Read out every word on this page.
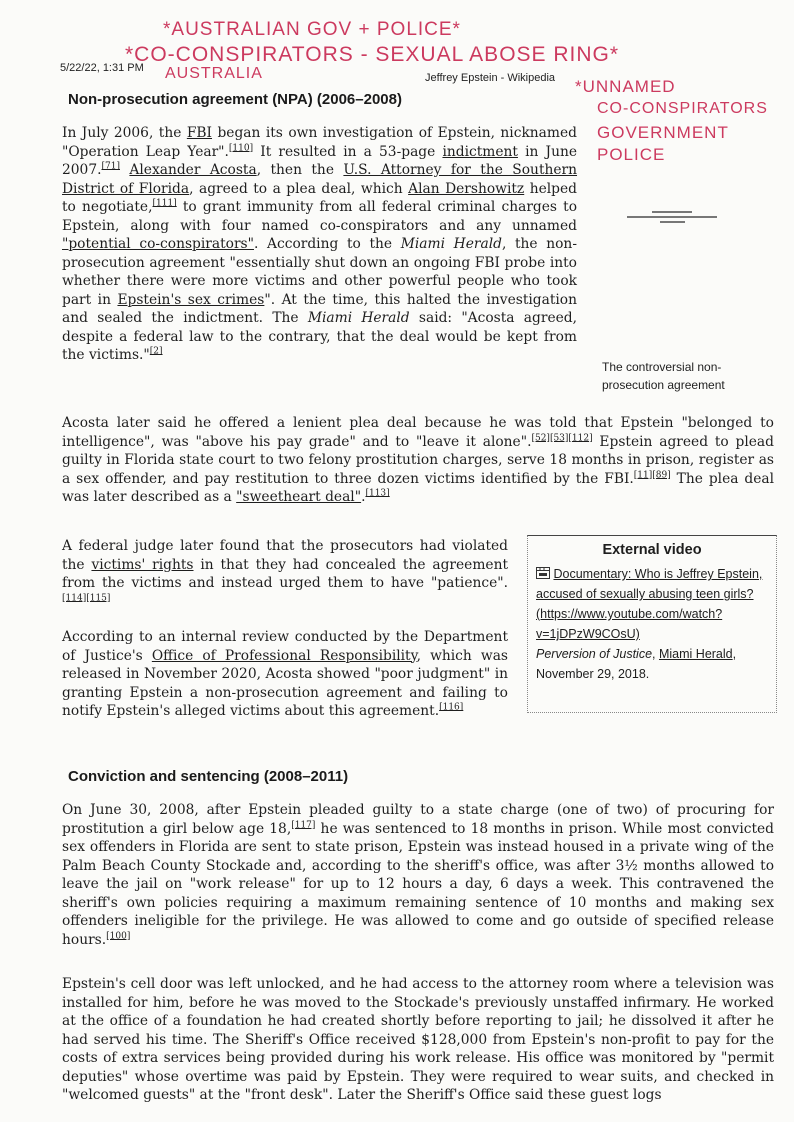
5/22/22, 1:31 PM
Jeffrey Epstein - Wikipedia
*AUSTRALIAN GOV + POLICE*
*CO-CONSPIRATORS - SEXUAL ABOSE RING*
AUSTRALIA
*UNNAMED
CO-CONSPIRATORS
GOVERNMENT
POLICE
Non-prosecution agreement (NPA) (2006–2008)

In July 2006, the FBI began its own investigation of Epstein, nicknamed "Operation Leap Year".[110] It resulted in a 53-page indictment in June 2007.[71] Alexander Acosta, then the U.S. Attorney for the Southern District of Florida, agreed to a plea deal, which Alan Dershowitz helped to negotiate,[111] to grant immunity from all federal criminal charges to Epstein, along with four named co-conspirators and any unnamed "potential co-conspirators". According to the Miami Herald, the non-prosecution agreement "essentially shut down an ongoing FBI probe into whether there were more victims and other powerful people who took part in Epstein's sex crimes". At the time, this halted the investigation and sealed the indictment. The Miami Herald said: "Acosta agreed, despite a federal law to the contrary, that the deal would be kept from the victims."[2]

The controversial non-prosecution agreement

Acosta later said he offered a lenient plea deal because he was told that Epstein "belonged to intelligence", was "above his pay grade" and to "leave it alone".[52][53][112] Epstein agreed to plead guilty in Florida state court to two felony prostitution charges, serve 18 months in prison, register as a sex offender, and pay restitution to three dozen victims identified by the FBI.[11][89] The plea deal was later described as a "sweetheart deal".[113]

A federal judge later found that the prosecutors had violated the victims' rights in that they had concealed the agreement from the victims and instead urged them to have "patience".[114][115]

According to an internal review conducted by the Department of Justice's Office of Professional Responsibility, which was released in November 2020, Acosta showed "poor judgment" in granting Epstein a non-prosecution agreement and failing to notify Epstein's alleged victims about this agreement.[116]

External video
Documentary: Who is Jeffrey Epstein, accused of sexually abusing teen girls? (https://www.youtube.com/watch?v=1jDPzW9COsU)
Perversion of Justice, Miami Herald, November 29, 2018.
Conviction and sentencing (2008–2011)

On June 30, 2008, after Epstein pleaded guilty to a state charge (one of two) of procuring for prostitution a girl below age 18,[117] he was sentenced to 18 months in prison. While most convicted sex offenders in Florida are sent to state prison, Epstein was instead housed in a private wing of the Palm Beach County Stockade and, according to the sheriff's office, was after 3½ months allowed to leave the jail on "work release" for up to 12 hours a day, 6 days a week. This contravened the sheriff's own policies requiring a maximum remaining sentence of 10 months and making sex offenders ineligible for the privilege. He was allowed to come and go outside of specified release hours.[100]

Epstein's cell door was left unlocked, and he had access to the attorney room where a television was installed for him, before he was moved to the Stockade's previously unstaffed infirmary. He worked at the office of a foundation he had created shortly before reporting to jail; he dissolved it after he had served his time. The Sheriff's Office received $128,000 from Epstein's non-profit to pay for the costs of extra services being provided during his work release. His office was monitored by "permit deputies" whose overtime was paid by Epstein. They were required to wear suits, and checked in "welcomed guests" at the "front desk". Later the Sheriff's Office said these guest logs
